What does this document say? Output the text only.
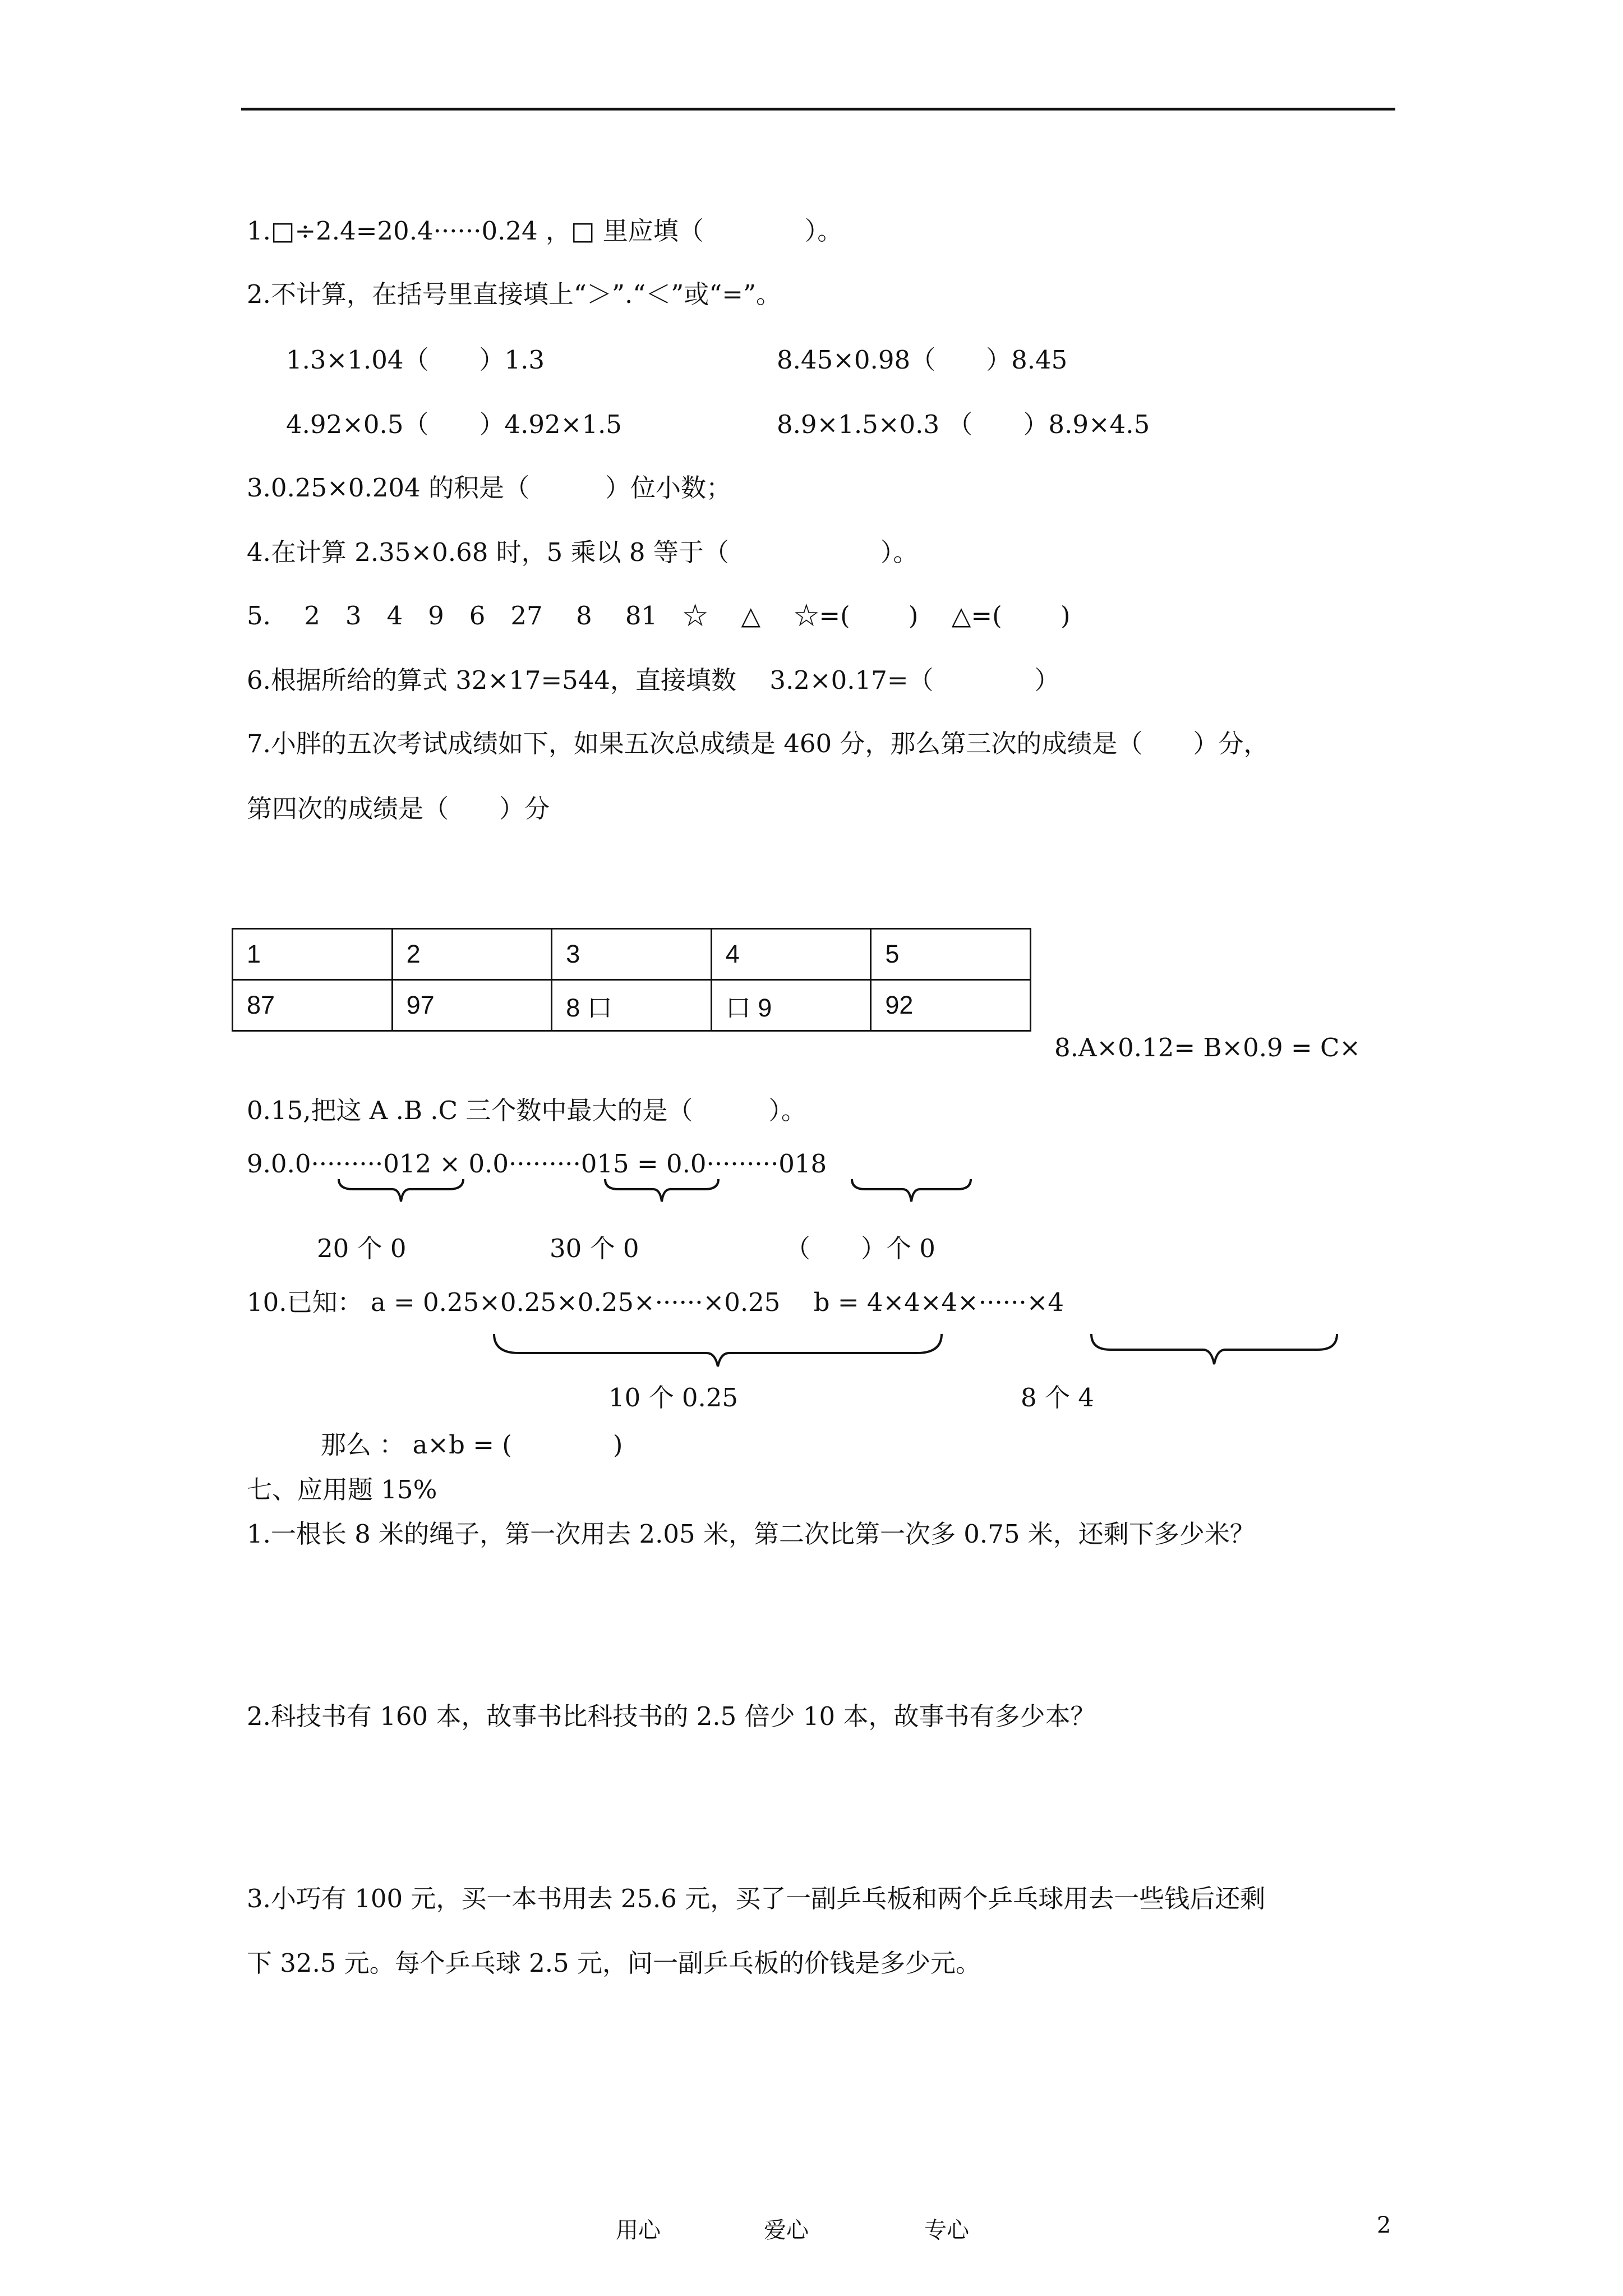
1.□÷2.4=20.4······0.24 ，□ 里应填（　　　　）。
2.不计算，在括号里直接填上“＞”.“＜”或“=”。
1.3×1.04（　　）1.3	8.45×0.98（　　）8.45
4.92×0.5（　　）4.92×1.5	8.9×1.5×0.3 （　　）8.9×4.5
3.0.25×0.204 的积是（　　　）位小数；
4.在计算 2.35×0.68 时，5 乘以 8 等于（　　　　　　）。
5.　 2　3　4　9　6　27　 8　 81　☆　 △　 ☆=(　　 )　 △=(　　 )
6.根据所给的算式 32×17=544，直接填数　 3.2×0.17=（　　　　）
7.小胖的五次考试成绩如下，如果五次总成绩是 460 分，那么第三次的成绩是（　　）分，
第四次的成绩是（　　）分
1	2	3	4	5
87	97	8 口	口 9	92
8.A×0.12= B×0.9 = C×
0.15,把这 A .B .C 三个数中最大的是（　　　）。
9.0.0·········012 × 0.0·········015 = 0.0·········018
20 个 0	30 个 0	（　　）个 0
10.已知： a = 0.25×0.25×0.25×······×0.25　 b = 4×4×4×······×4
10 个 0.25	8 个 4
那么 ： a×b = (　　　　)
七、应用题 15%
1.一根长 8 米的绳子，第一次用去 2.05 米，第二次比第一次多 0.75 米，还剩下多少米？
2.科技书有 160 本，故事书比科技书的 2.5 倍少 10 本，故事书有多少本？
3.小巧有 100 元，买一本书用去 25.6 元，买了一副乒乓板和两个乒乓球用去一些钱后还剩
下 32.5 元。每个乒乓球 2.5 元，问一副乒乓板的价钱是多少元。
用心	爱心	专心	2
